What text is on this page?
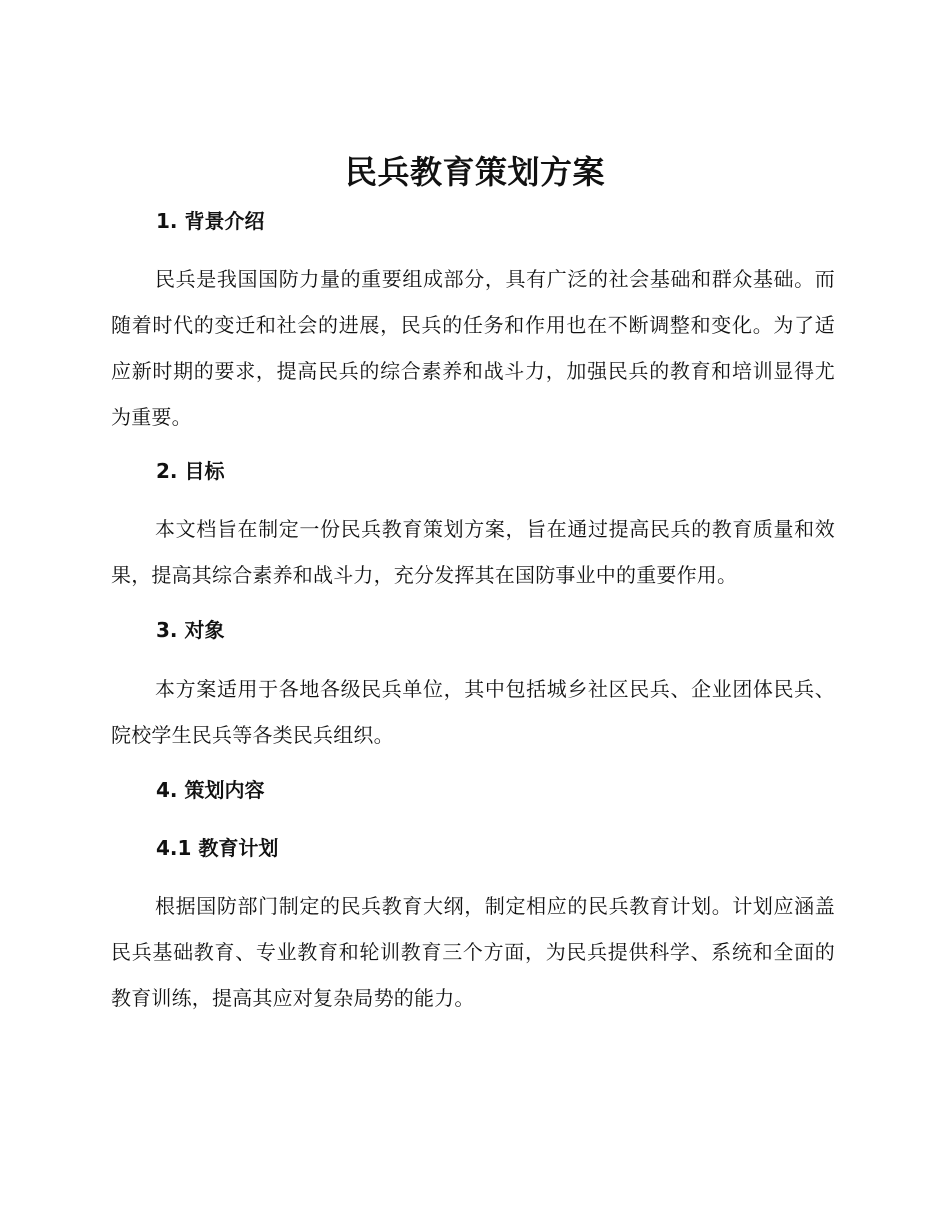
民兵教育策划方案
1. 背景介绍
民兵是我国国防力量的重要组成部分，具有广泛的社会基础和群众基础。而随着时代的变迁和社会的进展，民兵的任务和作用也在不断调整和变化。为了适应新时期的要求，提高民兵的综合素养和战斗力，加强民兵的教育和培训显得尤为重要。
2. 目标
本文档旨在制定一份民兵教育策划方案，旨在通过提高民兵的教育质量和效果，提高其综合素养和战斗力，充分发挥其在国防事业中的重要作用。
3. 对象
本方案适用于各地各级民兵单位，其中包括城乡社区民兵、企业团体民兵、院校学生民兵等各类民兵组织。
4. 策划内容
4.1 教育计划
根据国防部门制定的民兵教育大纲，制定相应的民兵教育计划。计划应涵盖民兵基础教育、专业教育和轮训教育三个方面，为民兵提供科学、系统和全面的教育训练，提高其应对复杂局势的能力。
